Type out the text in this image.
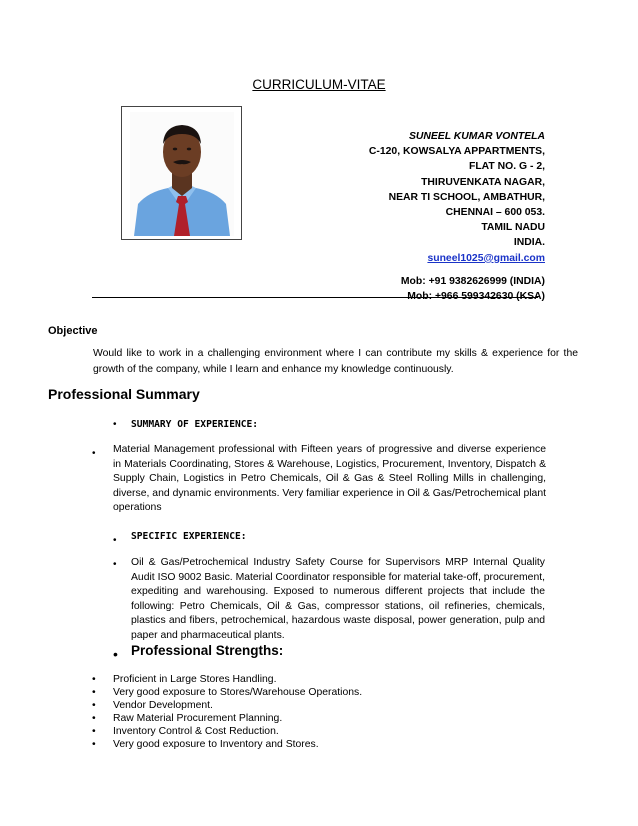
CURRICULUM-VITAE
SUNEEL KUMAR VONTELA
C-120, KOWSALYA APPARTMENTS,
FLAT NO. G - 2,
THIRUVENKATA NAGAR,
NEAR TI SCHOOL, AMBATHUR,
CHENNAI – 600 053.
TAMIL NADU
INDIA.
suneel1025@gmail.com
Mob: +91 9382626999 (INDIA)
Mob: +966 599342630 (KSA)
Objective
Would like to work in a challenging environment where I can contribute my skills & experience for the growth of the company, while I learn and enhance my knowledge continuously.
Professional Summary
• SUMMARY OF EXPERIENCE:
• Material Management professional with Fifteen years of progressive and diverse experience in Materials Coordinating, Stores & Warehouse, Logistics, Procurement, Inventory, Dispatch & Supply Chain, Logistics in Petro Chemicals, Oil & Gas & Steel Rolling Mills in challenging, diverse, and dynamic environments. Very familiar experience in Oil & Gas/Petrochemical plant operations
• SPECIFIC EXPERIENCE:
• Oil & Gas/Petrochemical Industry Safety Course for Supervisors MRP Internal Quality Audit ISO 9002 Basic. Material Coordinator responsible for material take-off, procurement, expediting and warehousing. Exposed to numerous different projects that include the following: Petro Chemicals, Oil & Gas, compressor stations, oil refineries, chemicals, plastics and fibers, petrochemical, hazardous waste disposal, power generation, pulp and paper and pharmaceutical plants.
• Professional Strengths:
• Proficient in Large Stores Handling.
• Very good exposure to Stores/Warehouse Operations.
• Vendor Development.
• Raw Material Procurement Planning.
• Inventory Control & Cost Reduction.
• Very good exposure to Inventory and Stores.
